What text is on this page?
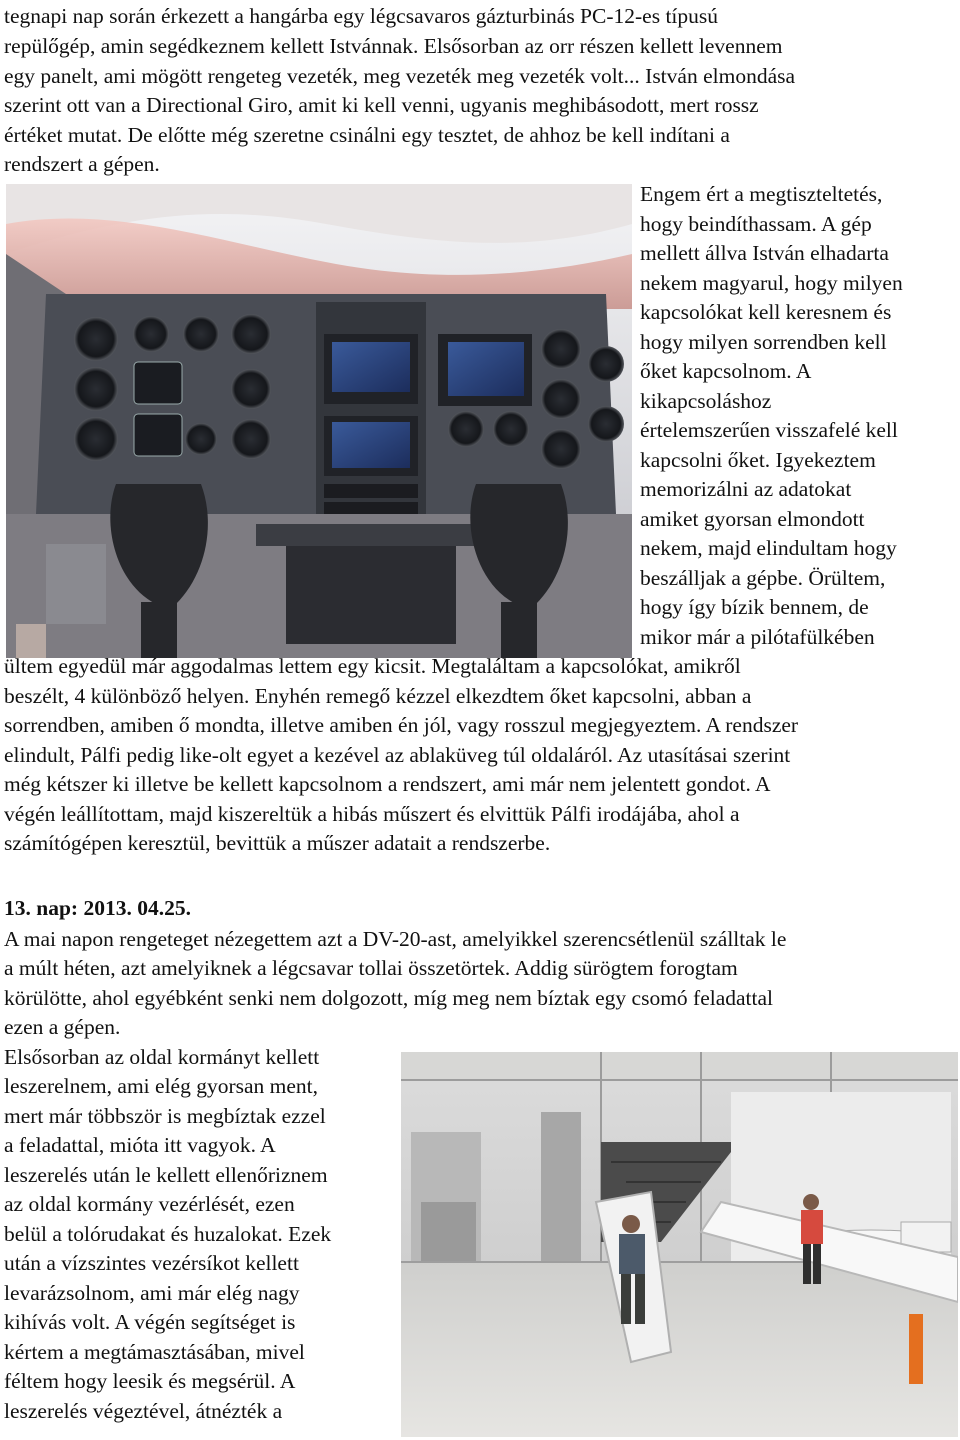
tegnapi nap során érkezett a hangárba egy légcsavaros gázturbinás PC-12-es típusú
repülőgép, amin segédkeznem kellett Istvánnak. Elsősorban az orr részen kellett levennem
egy panelt, ami mögött rengeteg vezeték, meg vezeték meg vezeték volt... István elmondása
szerint ott van a Directional Giro, amit ki kell venni, ugyanis meghibásodott, mert rossz
értéket mutat. De előtte még szeretne csinálni egy tesztet, de ahhoz be kell indítani a
rendszert a gépen.
Engem ért a megtiszteltetés,
hogy beindíthassam. A gép
mellett állva István elhadarta
nekem magyarul, hogy milyen
kapcsolókat kell keresnem és
hogy milyen sorrendben kell
őket kapcsolnom. A
kikapcsoláshoz
értelemszerűen visszafelé kell
kapcsolni őket. Igyekeztem
memorizálni az adatokat
amiket gyorsan elmondott
nekem, majd elindultam hogy
beszálljak a gépbe. Örültem,
hogy így bízik bennem, de
mikor már a pilótafülkében
ültem egyedül már aggodalmas lettem egy kicsit. Megtaláltam a kapcsolókat, amikről
beszélt, 4 különböző helyen. Enyhén remegő kézzel elkezdtem őket kapcsolni, abban a
sorrendben, amiben ő mondta, illetve amiben én jól, vagy rosszul megjegyeztem. A rendszer
elindult, Pálfi pedig like-olt egyet a kezével az ablaküveg túl oldaláról. Az utasításai szerint
még kétszer ki illetve be kellett kapcsolnom a rendszert, ami már nem jelentett gondot. A
végén leállítottam, majd kiszereltük a hibás műszert és elvittük Pálfi irodájába, ahol a
számítógépen keresztül, bevittük a műszer adatait a rendszerbe.
13. nap: 2013. 04.25.
A mai napon rengeteget nézegettem azt a DV-20-ast, amelyikkel szerencsétlenül szálltak le
a múlt héten, azt amelyiknek a légcsavar tollai összetörtek. Addig sürögtem forogtam
körülötte, ahol egyébként senki nem dolgozott, míg meg nem bíztak egy csomó feladattal
ezen a gépen.
Elsősorban az oldal kormányt kellett
leszerelnem, ami elég gyorsan ment,
mert már többször is megbíztak ezzel
a feladattal, mióta itt vagyok. A
leszerelés után le kellett ellenőriznem
az oldal kormány vezérlését, ezen
belül a tolórudakat és huzalokat. Ezek
után a vízszintes vezérsíkot kellett
levarázsolnom, ami már elég nagy
kihívás volt. A végén segítséget is
kértem a megtámasztásában, mivel
féltem hogy leesik és megsérül. A
leszerelés végeztével, átnézték a
